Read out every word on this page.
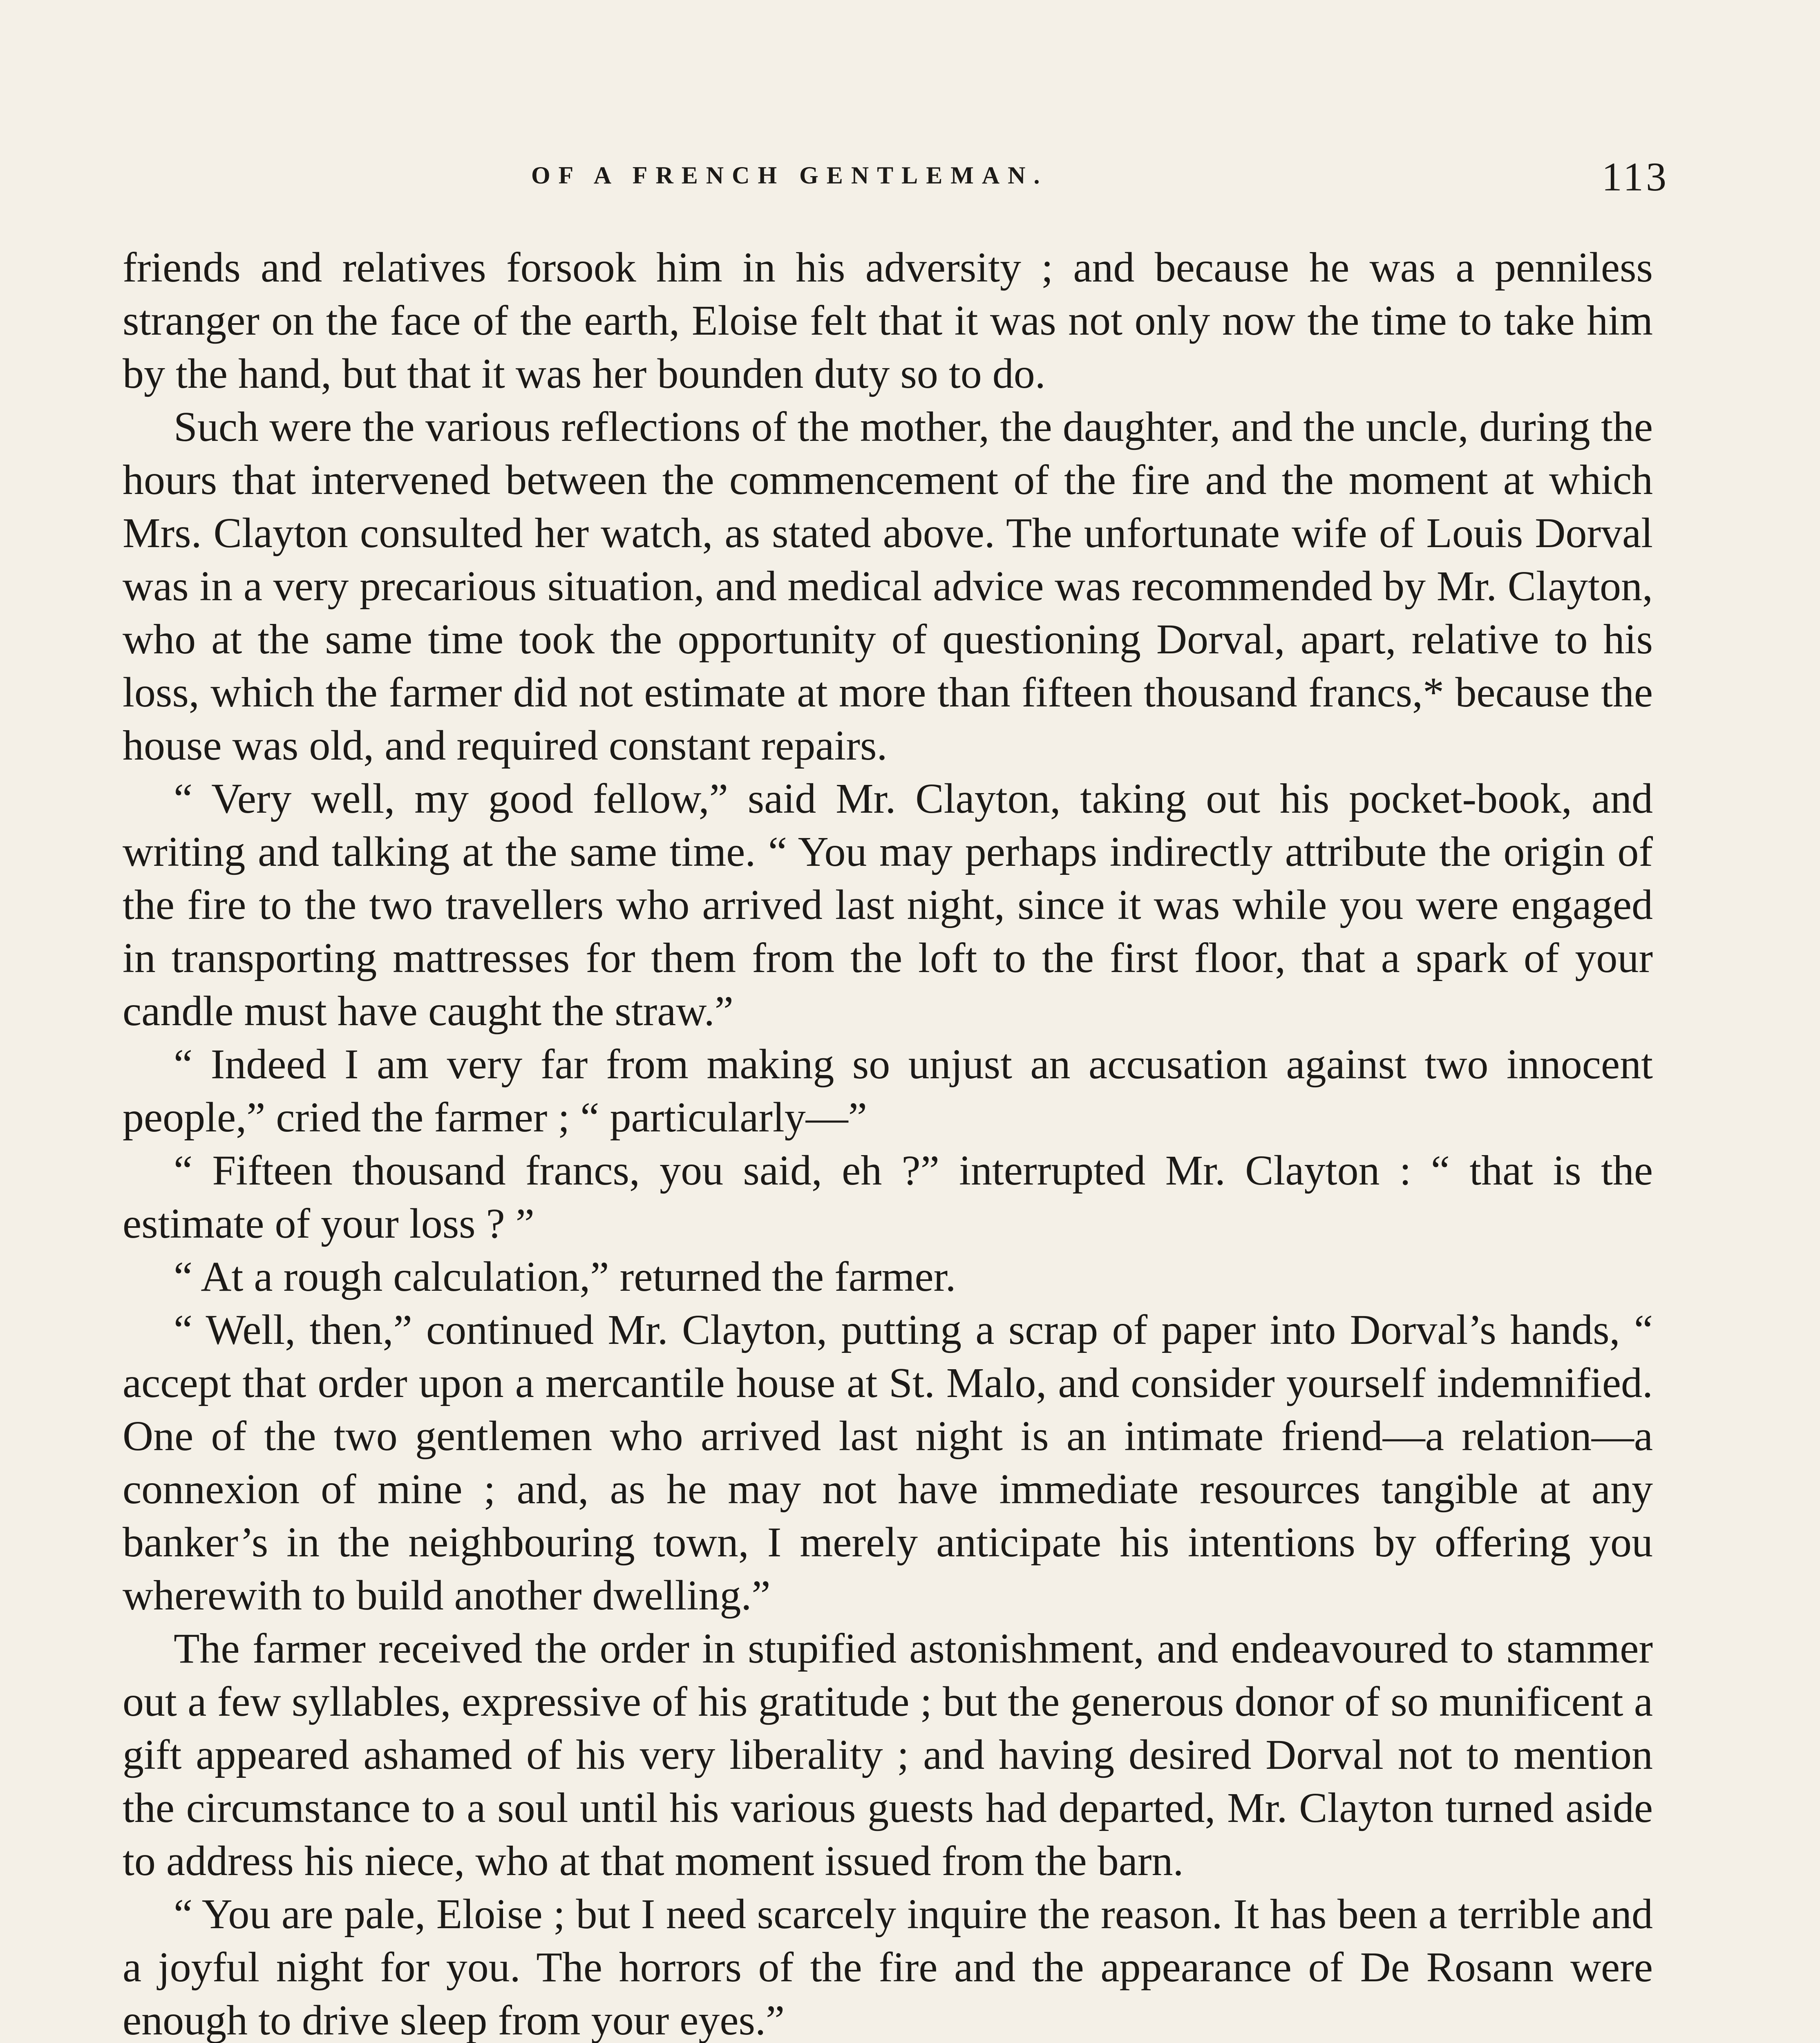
OF A FRENCH GENTLEMAN.	113

friends and relatives forsook him in his adversity ; and because he was a penniless stranger on the face of the earth, Eloise felt that it was not only now the time to take him by the hand, but that it was her bounden duty so to do.

Such were the various reflections of the mother, the daughter, and the uncle, during the hours that intervened between the commencement of the fire and the moment at which Mrs. Clayton consulted her watch, as stated above. The unfortunate wife of Louis Dorval was in a very precarious situation, and medical advice was recommended by Mr. Clayton, who at the same time took the opportunity of questioning Dorval, apart, relative to his loss, which the farmer did not estimate at more than fifteen thousand francs,* because the house was old, and required constant repairs.

“ Very well, my good fellow,” said Mr. Clayton, taking out his pocket-book, and writing and talking at the same time. “ You may perhaps indirectly attribute the origin of the fire to the two travellers who arrived last night, since it was while you were engaged in transporting mattresses for them from the loft to the first floor, that a spark of your candle must have caught the straw.”

“ Indeed I am very far from making so unjust an accusation against two innocent people,” cried the farmer ; “ particularly—”

“ Fifteen thousand francs, you said, eh ?” interrupted Mr. Clayton : “ that is the estimate of your loss ? ”

“ At a rough calculation,” returned the farmer.

“ Well, then,” continued Mr. Clayton, putting a scrap of paper into Dorval’s hands, “ accept that order upon a mercantile house at St. Malo, and consider yourself indemnified. One of the two gentlemen who arrived last night is an intimate friend—a relation—a connexion of mine ; and, as he may not have immediate resources tangible at any banker’s in the neighbouring town, I merely anticipate his intentions by offering you wherewith to build another dwelling.”

The farmer received the order in stupified astonishment, and endeavoured to stammer out a few syllables, expressive of his gratitude ; but the generous donor of so munificent a gift appeared ashamed of his very liberality ; and having desired Dorval not to mention the circumstance to a soul until his various guests had departed, Mr. Clayton turned aside to address his niece, who at that moment issued from the barn.

“ You are pale, Eloise ; but I need scarcely inquire the reason. It has been a terrible and a joyful night for you. The horrors of the fire and the appearance of De Rosann were enough to drive sleep from your eyes.”
